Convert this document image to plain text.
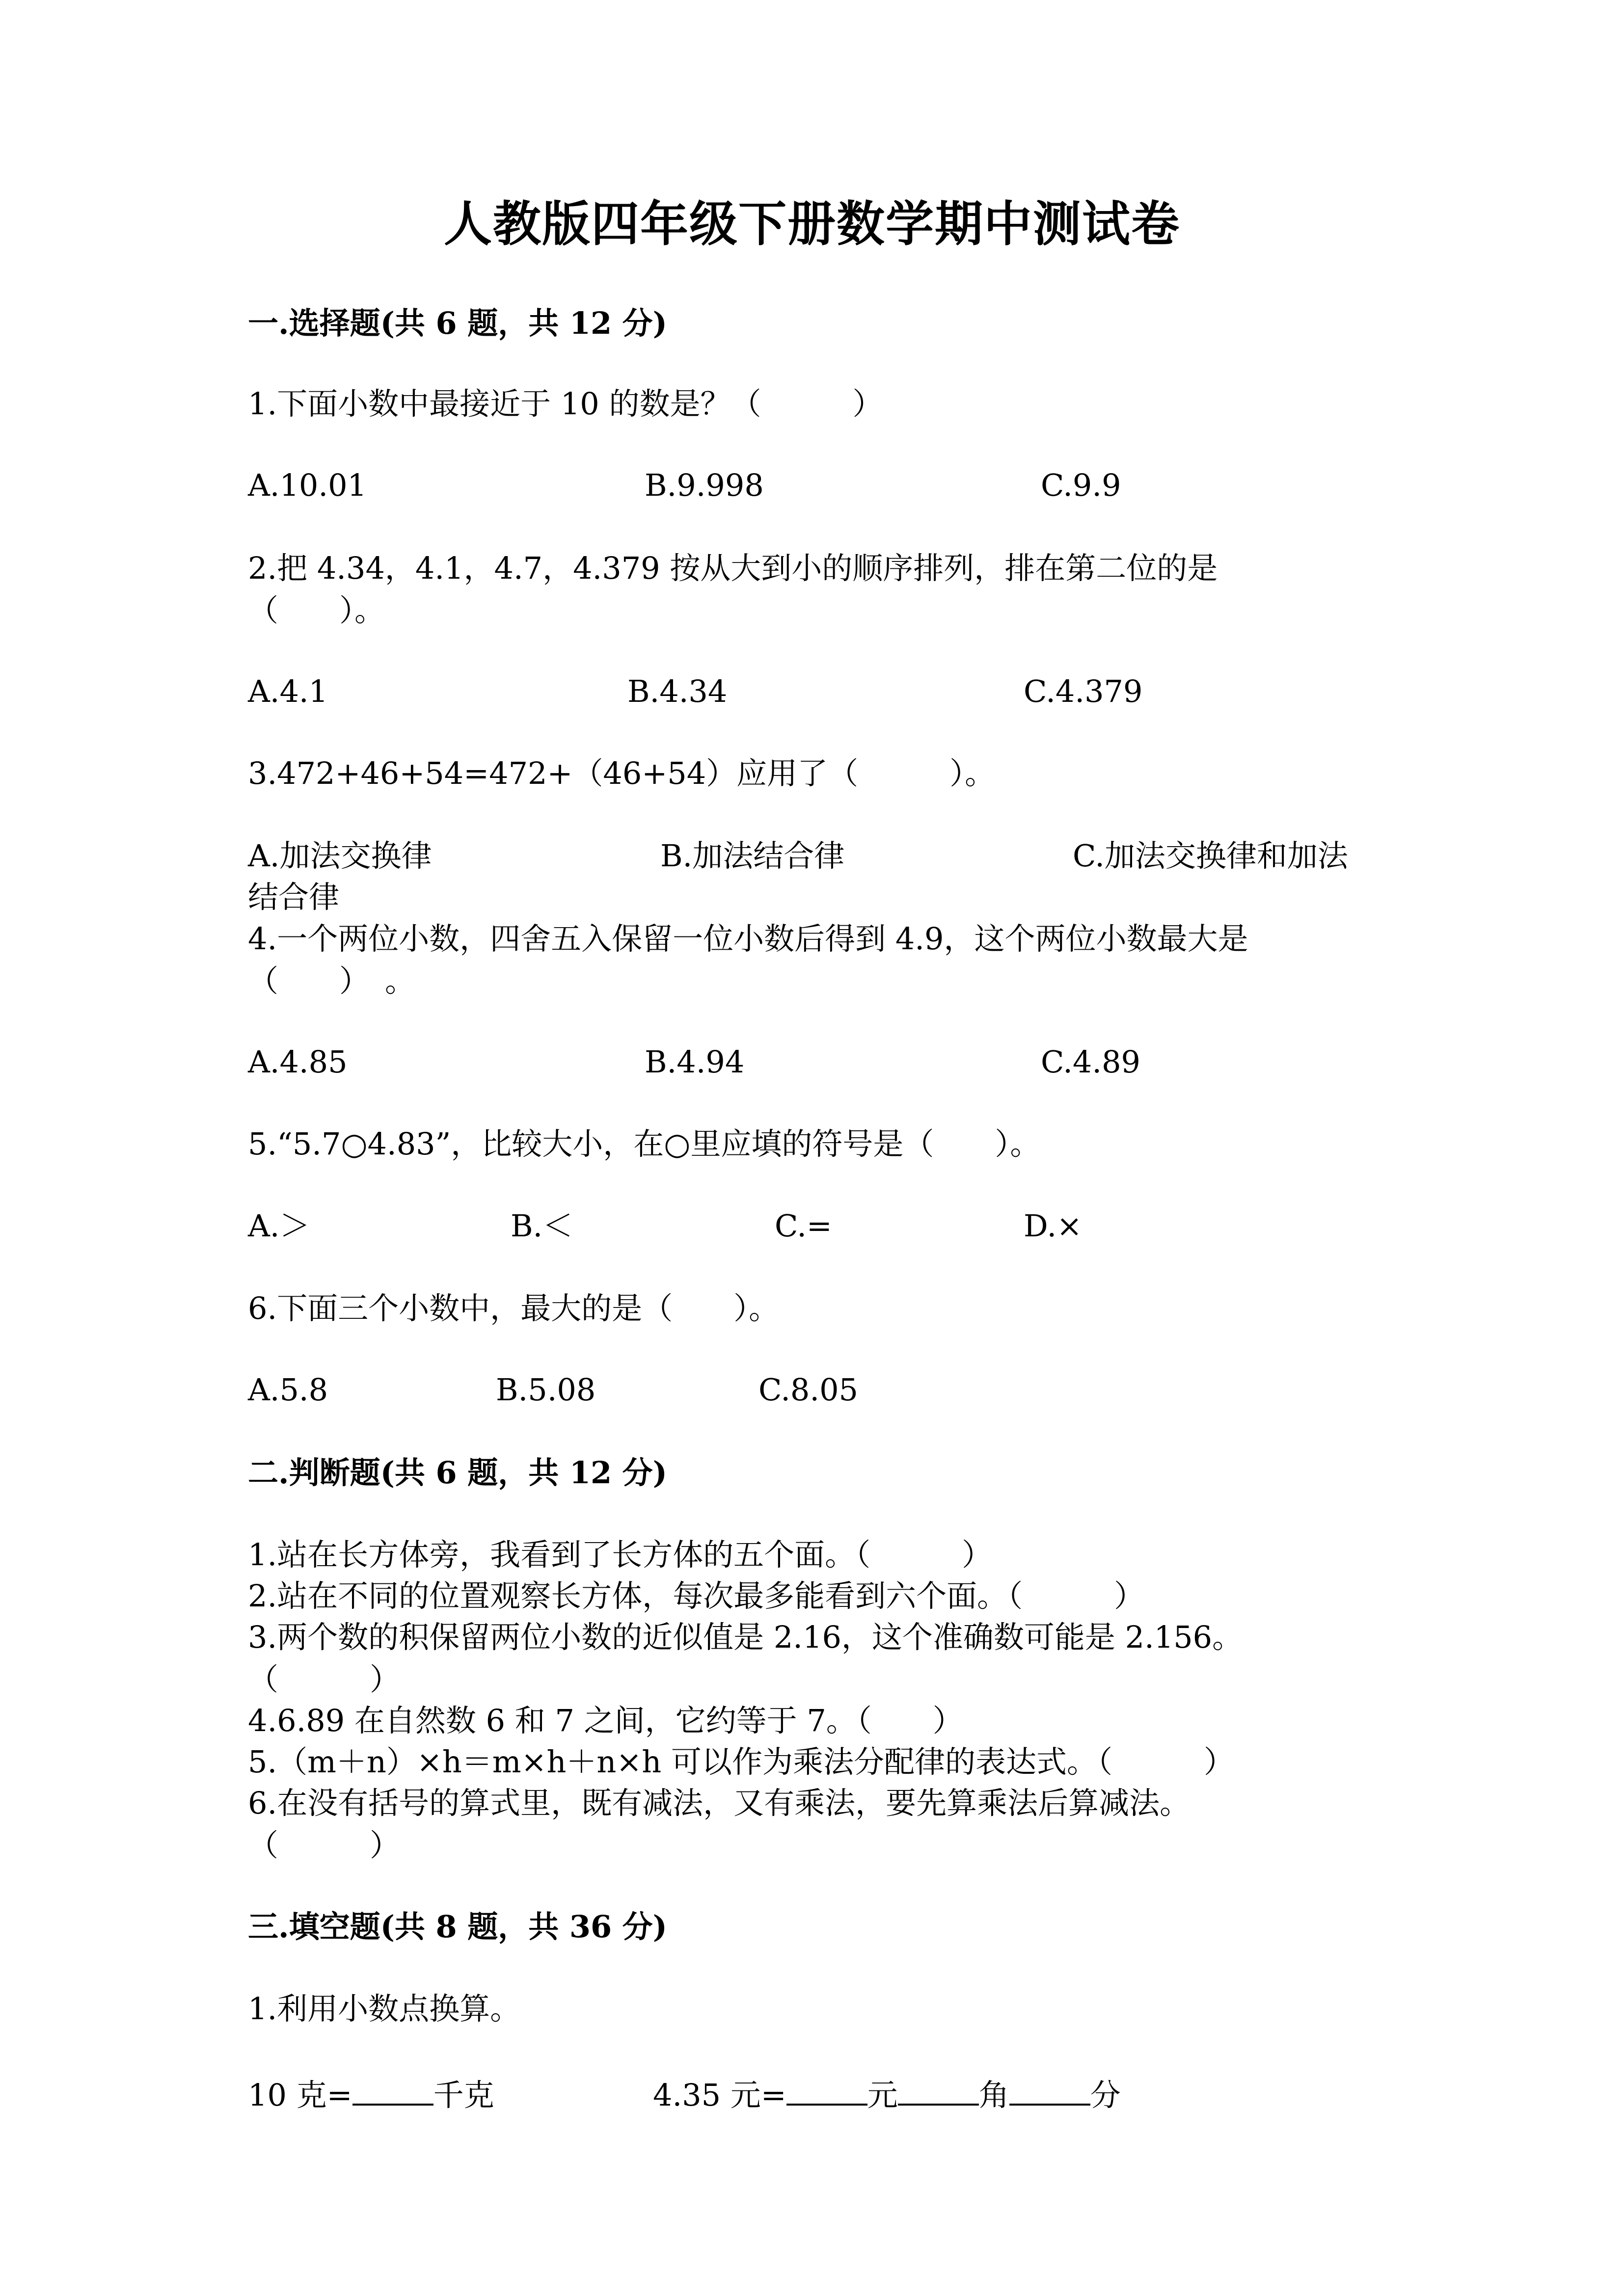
人教版四年级下册数学期中测试卷
一.选择题(共 6 题，共 12 分)
1.下面小数中最接近于 10 的数是？（　　　）
A.10.01	B.9.998	C.9.9
2.把 4.34，4.1，4.7，4.379 按从大到小的顺序排列，排在第二位的是
（　　）。
A.4.1	B.4.34	C.4.379
3.472+46+54=472+（46+54）应用了（　　　）。
A.加法交换律	B.加法结合律	C.加法交换律和加法
结合律
4.一个两位小数，四舍五入保留一位小数后得到 4.9，这个两位小数最大是
（　　）　。
A.4.85	B.4.94	C.4.89
5.“5.7○4.83”，比较大小，在○里应填的符号是（　　）。
A.＞	B.＜	C.=	D.×
6.下面三个小数中，最大的是（　　）。
A.5.8	B.5.08	C.8.05
二.判断题(共 6 题，共 12 分)
1.站在长方体旁，我看到了长方体的五个面。（　　　）
2.站在不同的位置观察长方体，每次最多能看到六个面。（　　　）
3.两个数的积保留两位小数的近似值是 2.16，这个准确数可能是 2.156。
（　　　）
4.6.89 在自然数 6 和 7 之间，它约等于 7。（　　）
5.（m＋n）×h＝m×h＋n×h 可以作为乘法分配律的表达式。（　　　）
6.在没有括号的算式里，既有减法，又有乘法，要先算乘法后算减法。
（　　　）
三.填空题(共 8 题，共 36 分)
1.利用小数点换算。
10 克=	千克	4.35 元=	元	角	分
